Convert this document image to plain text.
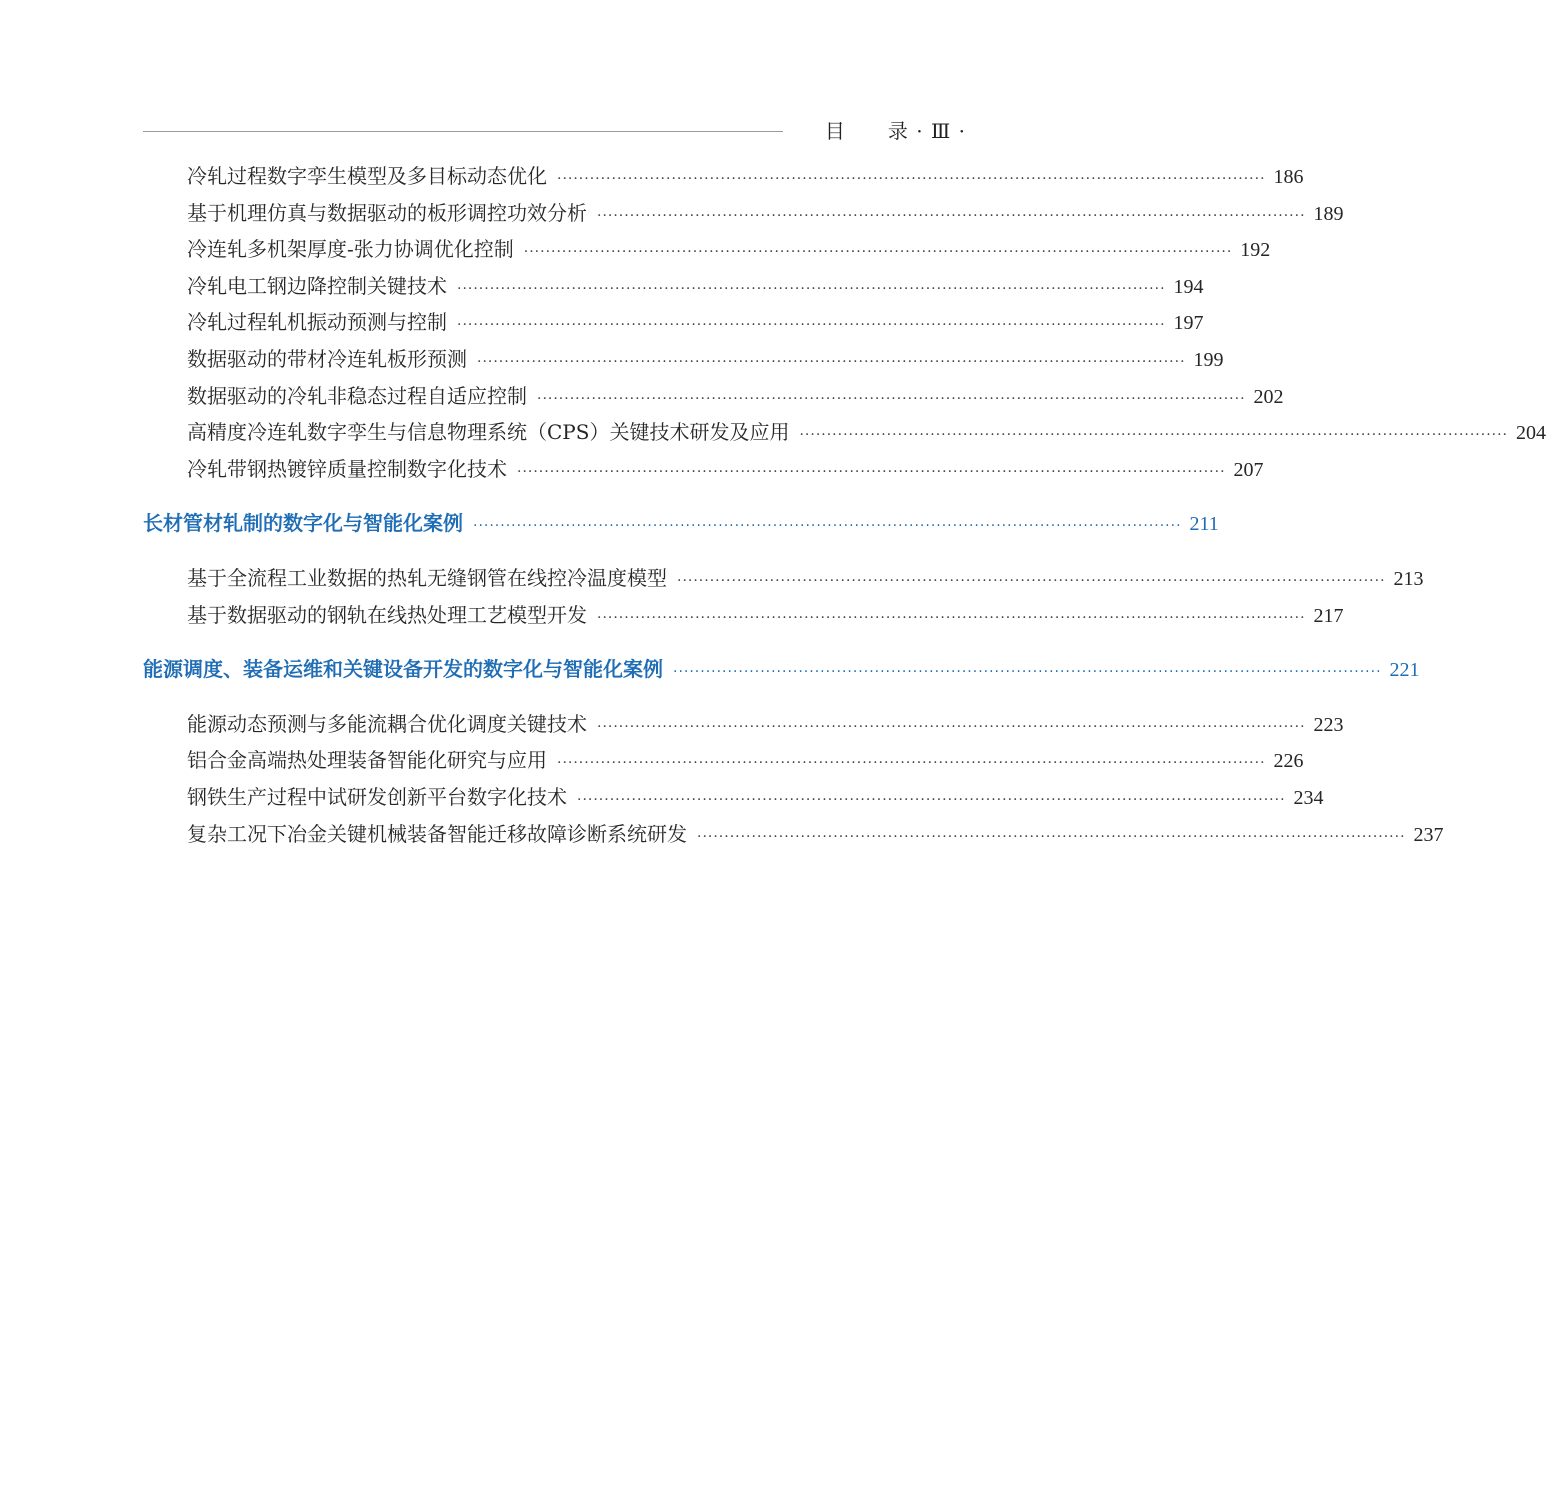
目　　录 · Ⅲ ·
冷轧过程数字孪生模型及多目标动态优化 ·································································································································· 186
基于机理仿真与数据驱动的板形调控功效分析 ·································································································································· 189
冷连轧多机架厚度-张力协调优化控制 ·································································································································· 192
冷轧电工钢边降控制关键技术 ·································································································································· 194
冷轧过程轧机振动预测与控制 ·································································································································· 197
数据驱动的带材冷连轧板形预测 ·································································································································· 199
数据驱动的冷轧非稳态过程自适应控制 ·································································································································· 202
高精度冷连轧数字孪生与信息物理系统（CPS）关键技术研发及应用 ·································································································································· 204
冷轧带钢热镀锌质量控制数字化技术 ·································································································································· 207
长材管材轧制的数字化与智能化案例 ·································································································································· 211
基于全流程工业数据的热轧无缝钢管在线控冷温度模型 ·································································································································· 213
基于数据驱动的钢轨在线热处理工艺模型开发 ·································································································································· 217
能源调度、装备运维和关键设备开发的数字化与智能化案例 ·································································································································· 221
能源动态预测与多能流耦合优化调度关键技术 ·································································································································· 223
铝合金高端热处理装备智能化研究与应用 ·································································································································· 226
钢铁生产过程中试研发创新平台数字化技术 ·································································································································· 234
复杂工况下冶金关键机械装备智能迁移故障诊断系统研发 ·································································································································· 237
